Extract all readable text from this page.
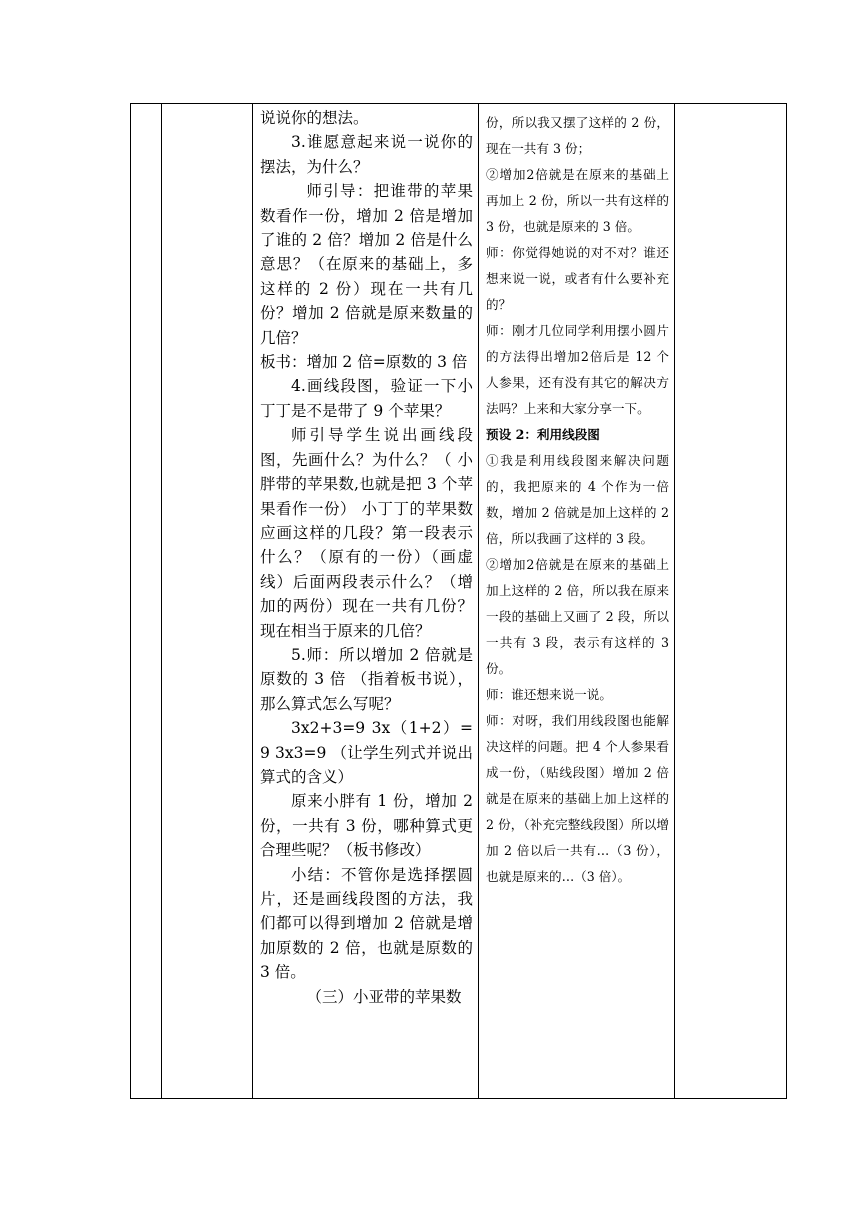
说说你的想法。

3.谁愿意起来说一说你的摆法，为什么？

师引导：把谁带的苹果数看作一份，增加 2 倍是增加了谁的 2 倍？增加 2 倍是什么意思？（在原来的基础上，多这样的 2 份）现在一共有几份？增加 2 倍就是原来数量的几倍？

板书：增加 2 倍=原数的 3 倍

4.画线段图，验证一下小丁丁是不是带了 9 个苹果？

师引导学生说出画线段图，先画什么？为什么？（ 小胖带的苹果数,也就是把 3 个苹果看作一份） 小丁丁的苹果数应画这样的几段？第一段表示什么？（原有的一份）（画虚线）后面两段表示什么？（增加的两份）现在一共有几份？现在相当于原来的几倍？

5.师：所以增加 2 倍就是原数的 3 倍 （指着板书说），那么算式怎么写呢？

3x2+3=9 3x（1+2）=9 3x3=9 （让学生列式并说出算式的含义）

原来小胖有 1 份，增加 2 份，一共有 3 份，哪种算式更合理些呢？（板书修改）

小结：不管你是选择摆圆片，还是画线段图的方法，我们都可以得到增加 2 倍就是增加原数的 2 倍，也就是原数的 3 倍。

（三）小亚带的苹果数

份，所以我又摆了这样的 2 份，现在一共有 3 份；

②增加2倍就是在原来的基础上再加上 2 份，所以一共有这样的 3 份，也就是原来的 3 倍。

师：你觉得她说的对不对？谁还想来说一说，或者有什么要补充的？

师：刚才几位同学利用摆小圆片的方法得出增加2倍后是 12 个人参果，还有没有其它的解决方法吗？上来和大家分享一下。

预设 2：利用线段图

①我是利用线段图来解决问题的，我把原来的 4 个作为一倍数，增加 2 倍就是加上这样的 2 倍，所以我画了这样的 3 段。

②增加2倍就是在原来的基础上加上这样的 2 倍，所以我在原来一段的基础上又画了 2 段，所以一共有 3 段，表示有这样的 3 份。

师：谁还想来说一说。

师：对呀，我们用线段图也能解决这样的问题。把 4 个人参果看成一份，（贴线段图）增加 2 倍就是在原来的基础上加上这样的 2 份，（补充完整线段图）所以增加 2 倍以后一共有…（3 份），也就是原来的…（3 倍）。
